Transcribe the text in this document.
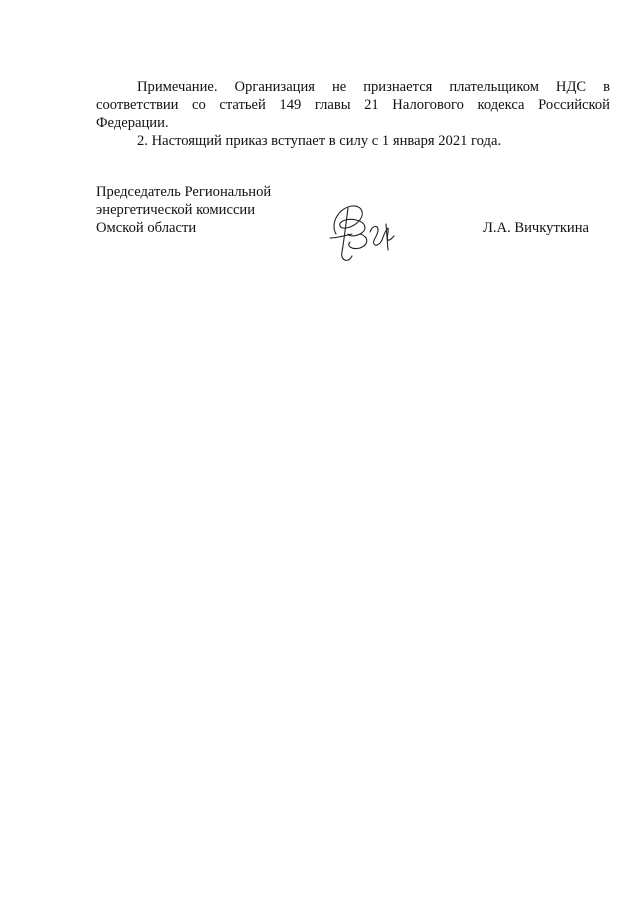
Примечание. Организация не признается плательщиком НДС в
соответствии со статьей 149 главы 21 Налогового кодекса Российской
Федерации.
2. Настоящий приказ вступает в силу с 1 января 2021 года.
Председатель Региональной
энергетической комиссии
Омской области	Л.А. Вичкуткина
